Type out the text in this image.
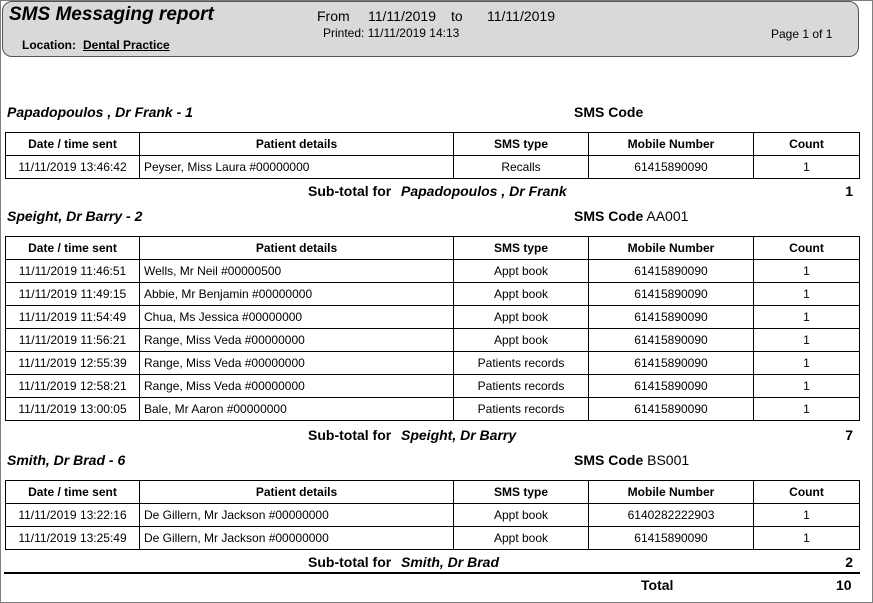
SMS Messaging report
Location: Dental Practice
From 11/11/2019 to 11/11/2019
Printed: 11/11/2019 14:13	Page 1 of 1
Papadopoulos , Dr Frank - 1	SMS Code
Date / time sent	Patient details	SMS type	Mobile Number	Count
11/11/2019 13:46:42	Peyser, Miss Laura #00000000	Recalls	61415890090	1
Sub-total for Papadopoulos , Dr Frank	1
Speight, Dr Barry - 2	SMS Code AA001
Date / time sent	Patient details	SMS type	Mobile Number	Count
11/11/2019 11:46:51	Wells, Mr Neil #00000500	Appt book	61415890090	1
11/11/2019 11:49:15	Abbie, Mr Benjamin #00000000	Appt book	61415890090	1
11/11/2019 11:54:49	Chua, Ms Jessica #00000000	Appt book	61415890090	1
11/11/2019 11:56:21	Range, Miss Veda #00000000	Appt book	61415890090	1
11/11/2019 12:55:39	Range, Miss Veda #00000000	Patients records	61415890090	1
11/11/2019 12:58:21	Range, Miss Veda #00000000	Patients records	61415890090	1
11/11/2019 13:00:05	Bale, Mr Aaron #00000000	Patients records	61415890090	1
Sub-total for Speight, Dr Barry	7
Smith, Dr Brad - 6	SMS Code BS001
Date / time sent	Patient details	SMS type	Mobile Number	Count
11/11/2019 13:22:16	De Gillern, Mr Jackson #00000000	Appt book	6140282222903	1
11/11/2019 13:25:49	De Gillern, Mr Jackson #00000000	Appt book	61415890090	1
Sub-total for Smith, Dr Brad	2
Total	10
